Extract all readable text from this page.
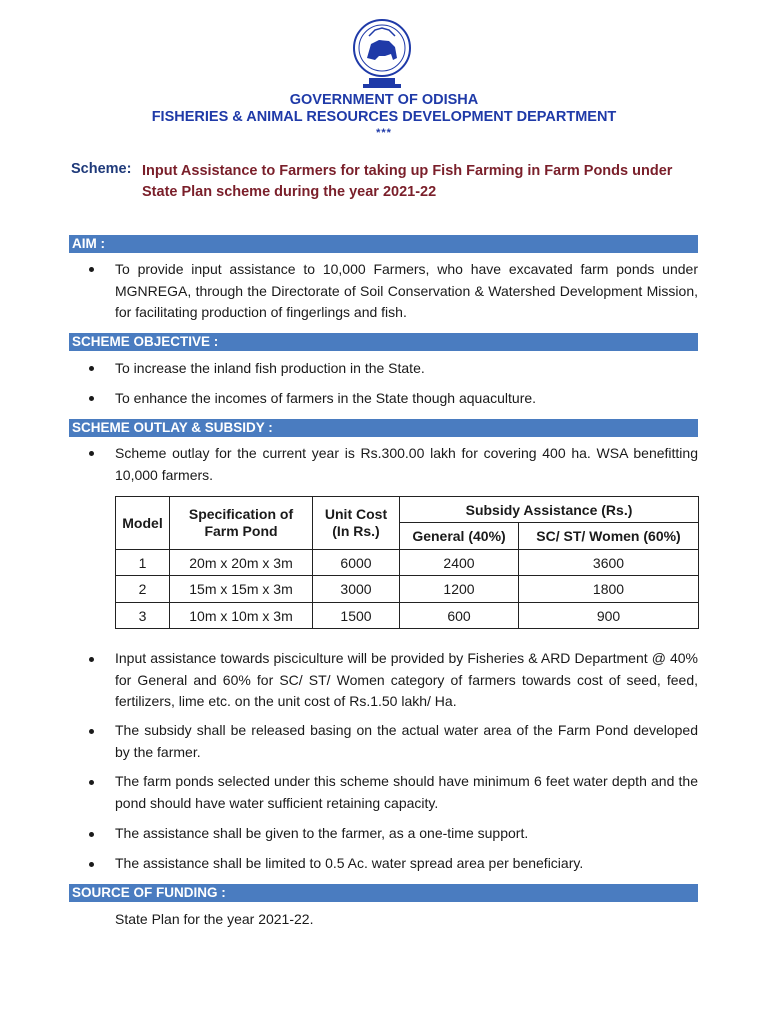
GOVERNMENT OF ODISHA
FISHERIES & ANIMAL RESOURCES DEVELOPMENT DEPARTMENT
***
Scheme: Input Assistance to Farmers for taking up Fish Farming in Farm Ponds under
State Plan scheme during the year 2021-22
AIM :
To provide input assistance to 10,000 Farmers, who have excavated farm ponds under MGNREGA, through the Directorate of Soil Conservation & Watershed Development Mission, for facilitating production of fingerlings and fish.
SCHEME OBJECTIVE :
To increase the inland fish production in the State.
To enhance the incomes of farmers in the State though aquaculture.
SCHEME OUTLAY & SUBSIDY :
Scheme outlay for the current year is Rs.300.00 lakh for covering 400 ha. WSA benefitting 10,000 farmers.
Model	Specification of Farm Pond	Unit Cost (In Rs.)	Subsidy Assistance (Rs.)	
			General (40%)	SC/ ST/ Women (60%)
1	20m x 20m x 3m	6000	2400	3600
2	15m x 15m x 3m	3000	1200	1800
3	10m x 10m x 3m	1500	600	900
Input assistance towards pisciculture will be provided by Fisheries & ARD Department @ 40% for General and 60% for SC/ ST/ Women category of farmers towards cost of seed, feed, fertilizers, lime etc. on the unit cost of Rs.1.50 lakh/ Ha.
The subsidy shall be released basing on the actual water area of the Farm Pond developed by the farmer.
The farm ponds selected under this scheme should have minimum 6 feet water depth and the pond should have water sufficient retaining capacity.
The assistance shall be given to the farmer, as a one-time support.
The assistance shall be limited to 0.5 Ac. water spread area per beneficiary.
SOURCE OF FUNDING :
State Plan for the year 2021-22.
